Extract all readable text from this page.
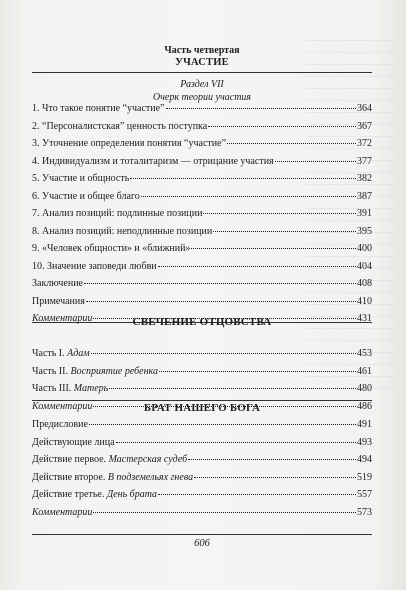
Часть четвертая
УЧАСТИЕ
Раздел VII
Очерк теории участия
1. Что такое понятие “участие”	364
2. “Персоналистская” ценность поступка	367
3. Уточнение определения понятия “участие”	372
4. Индивидуализм и тоталитаризм — отрицание участия	377
5. Участие и общность	382
6. Участие и общее благо	387
7. Анализ позиций: подлинные позиции	391
8. Анализ позиций: неподлинные позиции	395
9. «Человек общности» и «ближний»	400
10. Значение заповеди любви	404
Заключение	408
Примечания	410
Комментарии	431
СВЕЧЕНИЕ ОТЦОВСТВА
Часть I. Адам	453
Часть II. Восприятие ребенка	461
Часть III. Матерь	480
Комментарии	486
БРАТ НАШЕГО БОГА
Предисловие	491
Действующие лица	493
Действие первое. Мастерская судеб	494
Действие второе. В подземельях гнева	519
Действие третье. День брата	557
Комментарии	573
606
